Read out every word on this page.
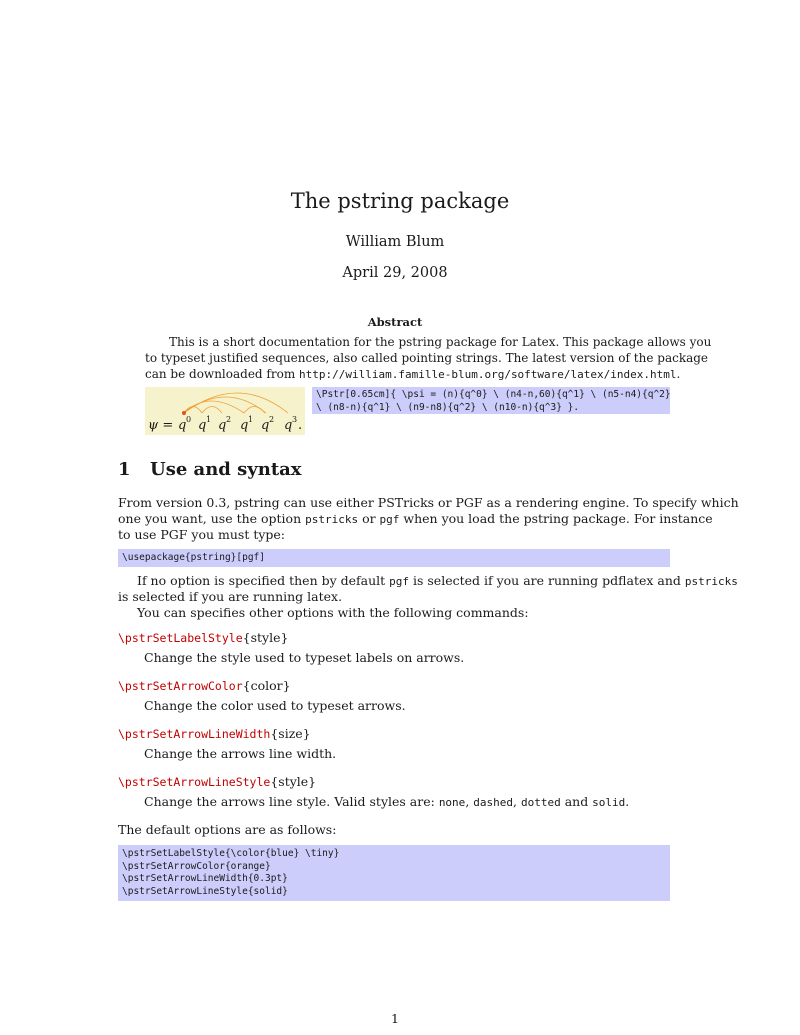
The pstring package
William Blum
April 29, 2008
Abstract
This is a short documentation for the pstring package for Latex. This package allows you
to typeset justified sequences, also called pointing strings. The latest version of the package
can be downloaded from http://william.famille-blum.org/software/latex/index.html.
ψ = q 0 q 1 q 2 q 1 q 2 q 3 .
\Pstr[0.65cm]{ \psi = (n){q^0} \ (n4-n,60){q^1} \ (n5-n4){q^2}
\ (n8-n){q^1} \ (n9-n8){q^2} \ (n10-n){q^3} }.
1 Use and syntax
From version 0.3, pstring can use either PSTricks or PGF as a rendering engine. To specify which
one you want, use the option pstricks or pgf when you load the pstring package. For instance
to use PGF you must type:
\usepackage{pstring}[pgf]
If no option is specified then by default pgf is selected if you are running pdflatex and pstricks
is selected if you are running latex.
You can specifies other options with the following commands:
\pstrSetLabelStyle{style}
Change the style used to typeset labels on arrows.
\pstrSetArrowColor{color}
Change the color used to typeset arrows.
\pstrSetArrowLineWidth{size}
Change the arrows line width.
\pstrSetArrowLineStyle{style}
Change the arrows line style. Valid styles are: none, dashed, dotted and solid.
The default options are as follows:
\pstrSetLabelStyle{\color{blue} \tiny}
\pstrSetArrowColor{orange}
\pstrSetArrowLineWidth{0.3pt}
\pstrSetArrowLineStyle{solid}
1
